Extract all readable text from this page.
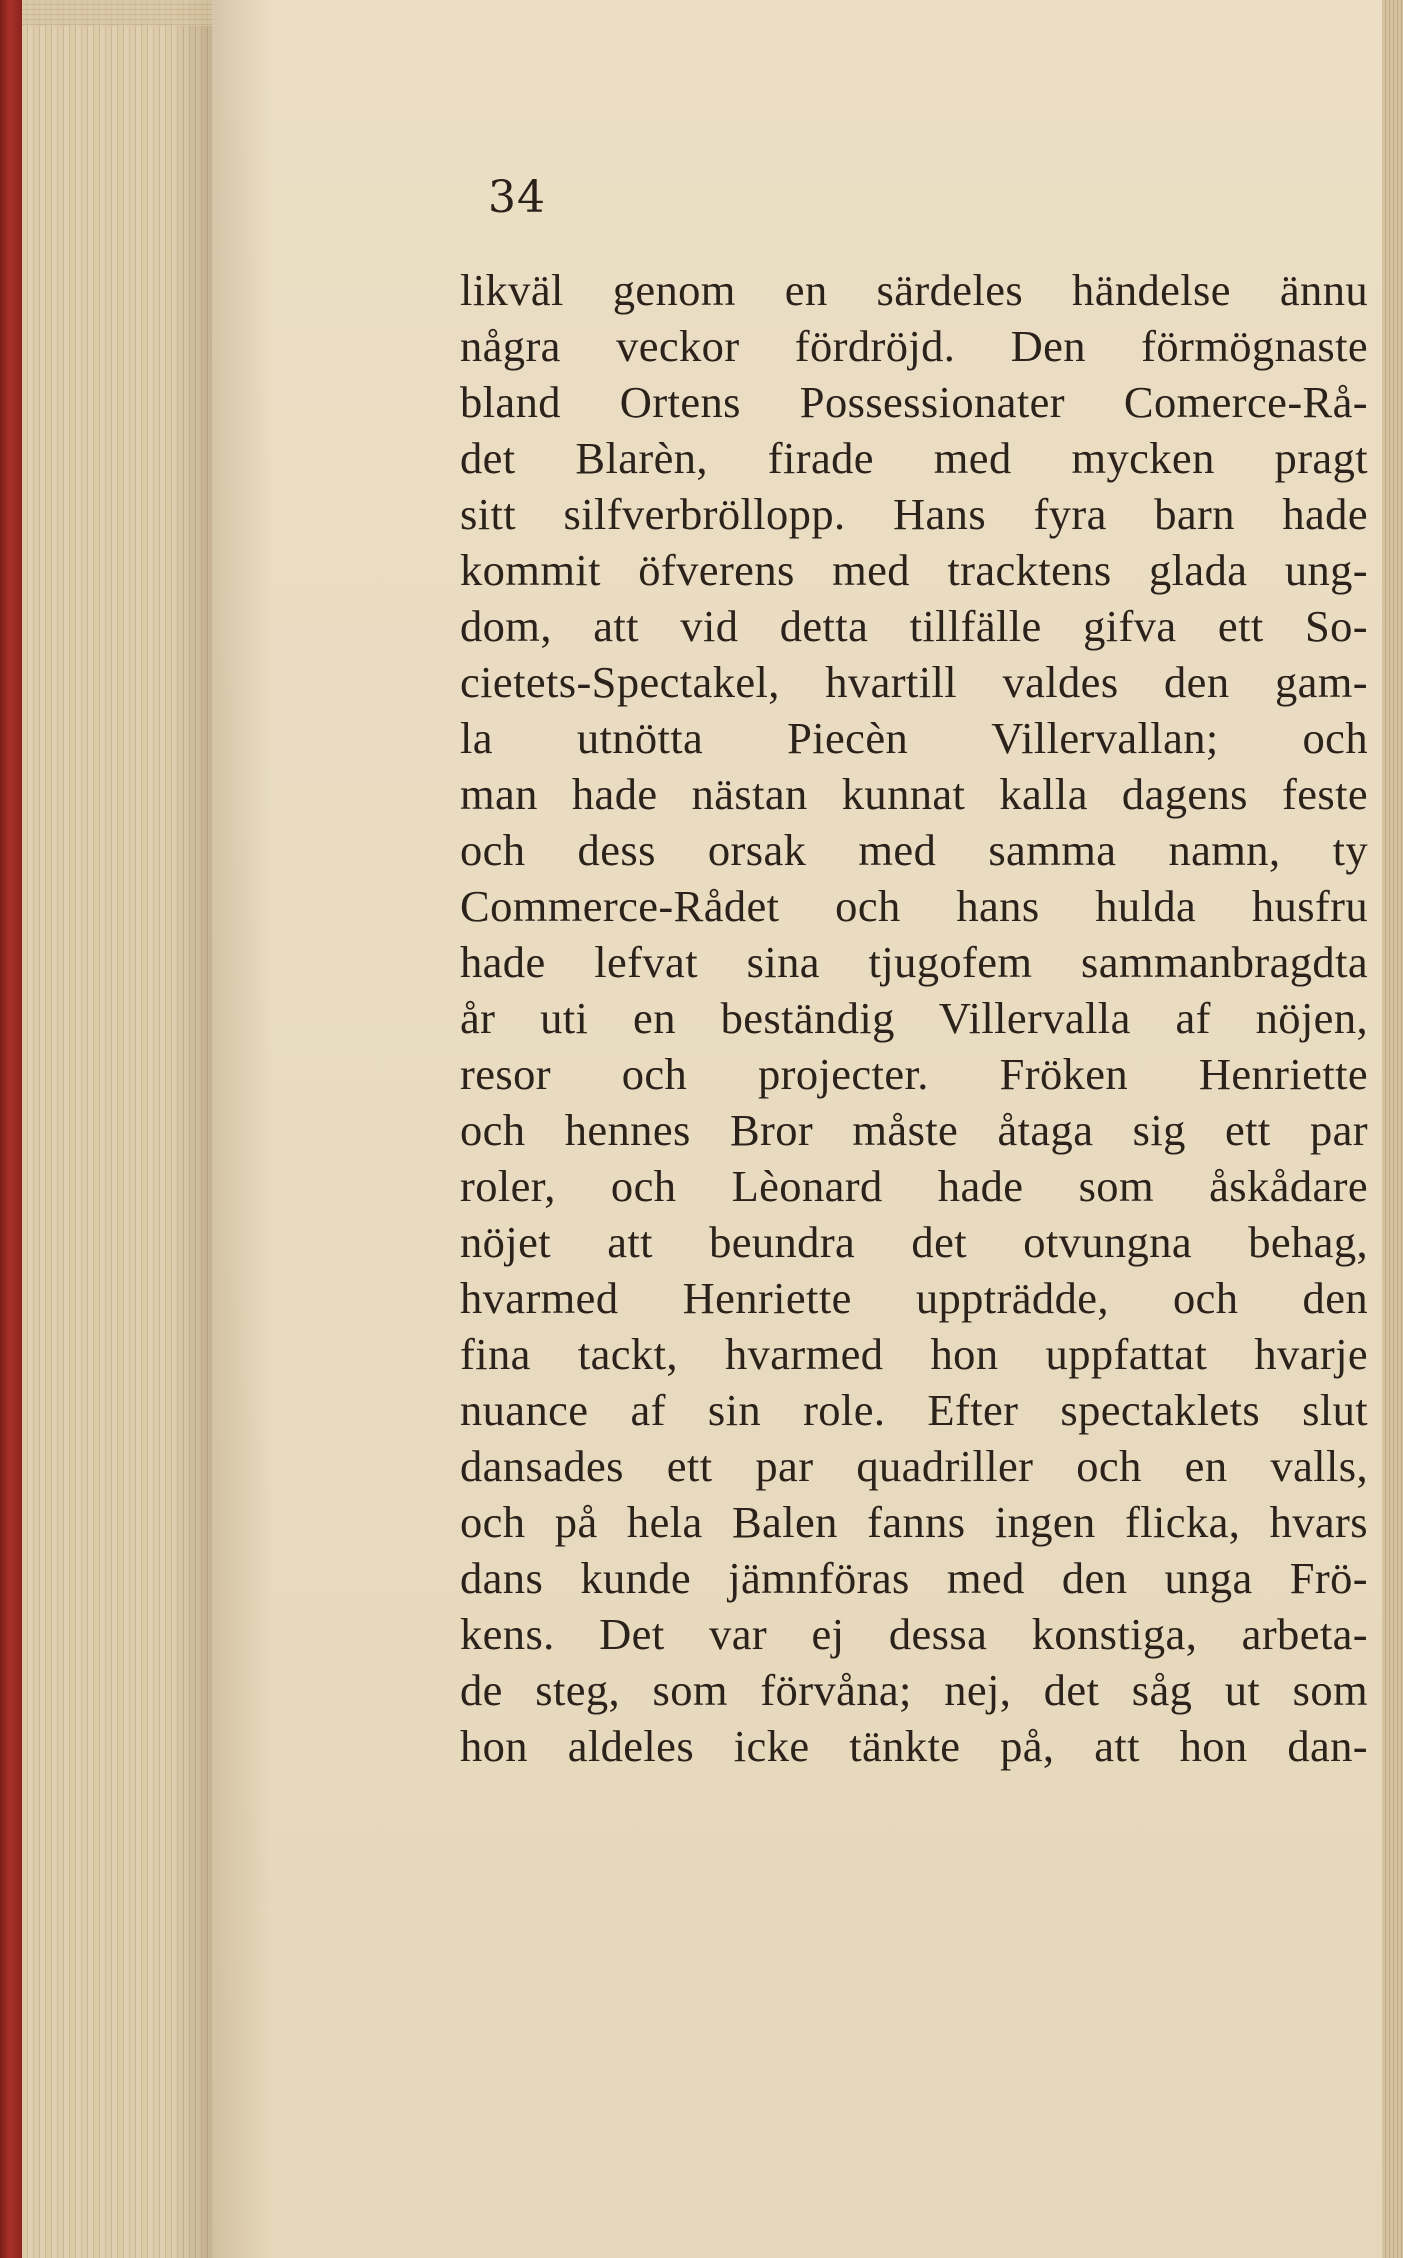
34
likväl genom en särdeles händelse ännu
några veckor fördröjd. Den förmögnaste
bland Ortens Possessionater Comerce-Rå-
det Blarèn, firade med mycken pragt
sitt silfverbröllopp. Hans fyra barn hade
kommit öfverens med tracktens glada ung-
dom, att vid detta tillfälle gifva ett So-
cietets-Spectakel, hvartill valdes den gam-
la utnötta Piecèn Villervallan; och
man hade nästan kunnat kalla dagens feste
och dess orsak med samma namn, ty
Commerce-Rådet och hans hulda husfru
hade lefvat sina tjugofem sammanbragdta
år uti en beständig Villervalla af nöjen,
resor och projecter. Fröken Henriette
och hennes Bror måste åtaga sig ett par
roler, och Lèonard hade som åskådare
nöjet att beundra det otvungna behag,
hvarmed Henriette uppträdde, och den
fina tackt, hvarmed hon uppfattat hvarje
nuance af sin role. Efter spectaklets slut
dansades ett par quadriller och en valls,
och på hela Balen fanns ingen flicka, hvars
dans kunde jämnföras med den unga Frö-
kens. Det var ej dessa konstiga, arbeta-
de steg, som förvåna; nej, det såg ut som
hon aldeles icke tänkte på, att hon dan-
